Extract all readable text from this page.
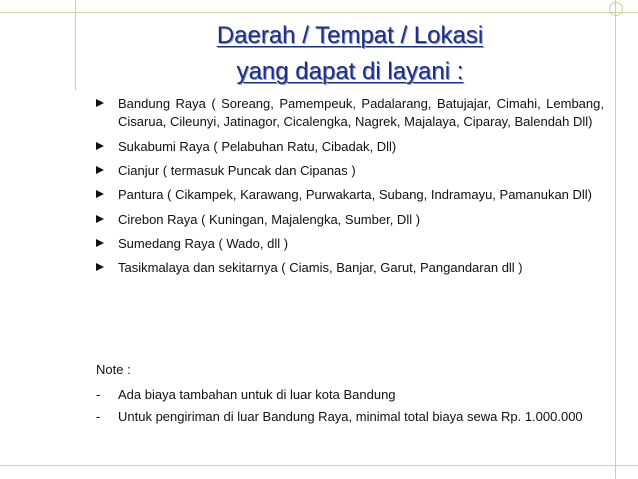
Daerah / Tempat / Lokasi
yang dapat di layani :
Bandung Raya ( Soreang, Pamempeuk, Padalarang, Batujajar, Cimahi, Lembang, Cisarua, Cileunyi, Jatinagor, Cicalengka, Nagrek, Majalaya, Ciparay, Balendah Dll)
Sukabumi Raya ( Pelabuhan Ratu, Cibadak, Dll)
Cianjur ( termasuk Puncak dan Cipanas )
Pantura ( Cikampek, Karawang, Purwakarta, Subang, Indramayu, Pamanukan Dll)
Cirebon Raya ( Kuningan, Majalengka, Sumber, Dll )
Sumedang Raya ( Wado, dll )
Tasikmalaya dan sekitarnya ( Ciamis, Banjar, Garut, Pangandaran dll )

Note :

- Ada biaya tambahan untuk di luar kota Bandung
- Untuk pengiriman di luar Bandung Raya, minimal total biaya sewa Rp. 1.000.000
